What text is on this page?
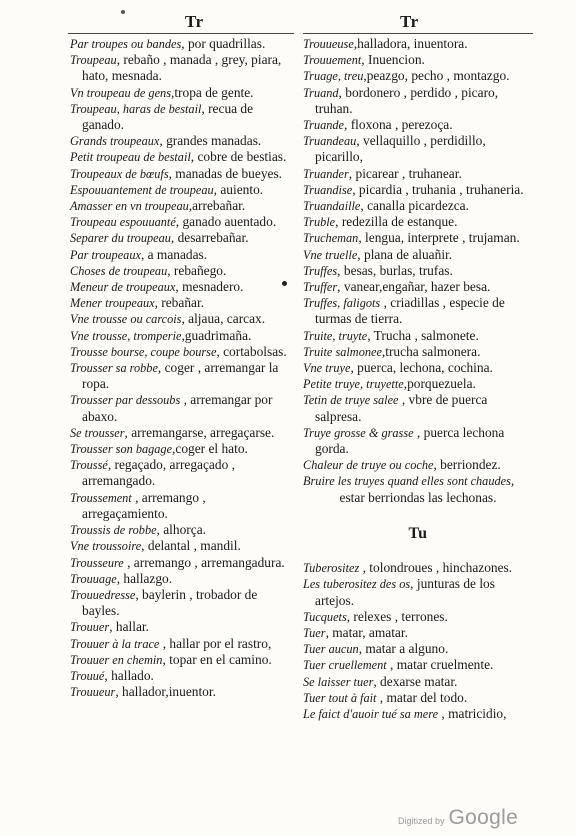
Tr	Tr
Par troupes ou bandes, por quadrillas.
Troupeau, rebaño , manada , grey, piara, hato, mesnada.
Vn troupeau de gens,tropa de gente.
Troupeau, haras de bestail, recua de ganado.
Grands troupeaux, grandes manadas.
Petit troupeau de bestail, cobre de bestias.
Troupeaux de bœufs, manadas de bueyes.
Espouuantement de troupeau, auiento.
Amasser en vn troupeau,arrebañar.
Troupeau espouuanté, ganado auentado.
Separer du troupeau, desarrebañar.
Par troupeaux, a manadas.
Choses de troupeau, rebañego.
Meneur de troupeaux, mesnadero.
Mener troupeaux, rebañar.
Vne trousse ou carcois, aljaua, carcax.
Vne trousse, tromperie,guadrimaña.
Trousse bourse, coupe bourse, cortabolsas.
Trousser sa robbe, coger , arremangar la ropa.
Trousser par dessoubs , arremangar por abaxo.
Se trousser, arremangarse, arregaçarse.
Trousser son bagage,coger el hato.
Troussé, regaçado, arregaçado , arremangado.
Troussement , arremango , arregaçamiento.
Troussis de robbe, alhorça.
Vne troussoire, delantal , mandil.
Trousseure , arremango , arremangadura.
Trouuage, hallazgo.
Trouuedresse, baylerin , trobador de bayles.
Trouuer, hallar.
Trouuer à la trace , hallar por el rastro,
Trouuer en chemin, topar en el camino.
Trouué, hallado.
Trouueur, hallador,inuentor.
Trouueuse,halladora, inuentora.
Trouuement, Inuencion.
Truage, treu,peazgo, pecho , montazgo.
Truand, bordonero , perdido , picaro, truhan.
Truande, floxona , perezoça.
Truandeau, vellaquillo , perdidillo, picarillo,
Truander, picarear , truhanear.
Truandise, picardia , truhania , truhaneria.
Truandaille, canalla picardezca.
Truble, redezilla de estanque.
Trucheman, lengua, interprete , trujaman.
Vne truelle, plana de aluañir.
Truffes, besas, burlas, trufas.
Truffer, vanear,engañar, hazer besa.
Truffes, faligots , criadillas , especie de turmas de tierra.
Truite, truyte, Trucha , salmonete.
Truite salmonee,trucha salmonera.
Vne truye, puerca, lechona, cochina.
Petite truye, truyette,porquezuela.
Tetin de truye salee , vbre de puerca salpresa.
Truye grosse & grasse , puerca lechona gorda.
Chaleur de truye ou coche, berriondez.
Bruire les truyes quand elles sont chaudes,
estar berriondas las lechonas.
Tu
Tuberositez , tolondroues , hinchazones.
Les tuberositez des os, junturas de los artejos.
Tucquets, relexes , terrones.
Tuer, matar, amatar.
Tuer aucun, matar a alguno.
Tuer cruellement , matar cruelmente.
Se laisser tuer, dexarse matar.
Tuer tout à fait , matar del todo.
Le faict d'auoir tué sa mere , matricidio,
Digitized by Google
